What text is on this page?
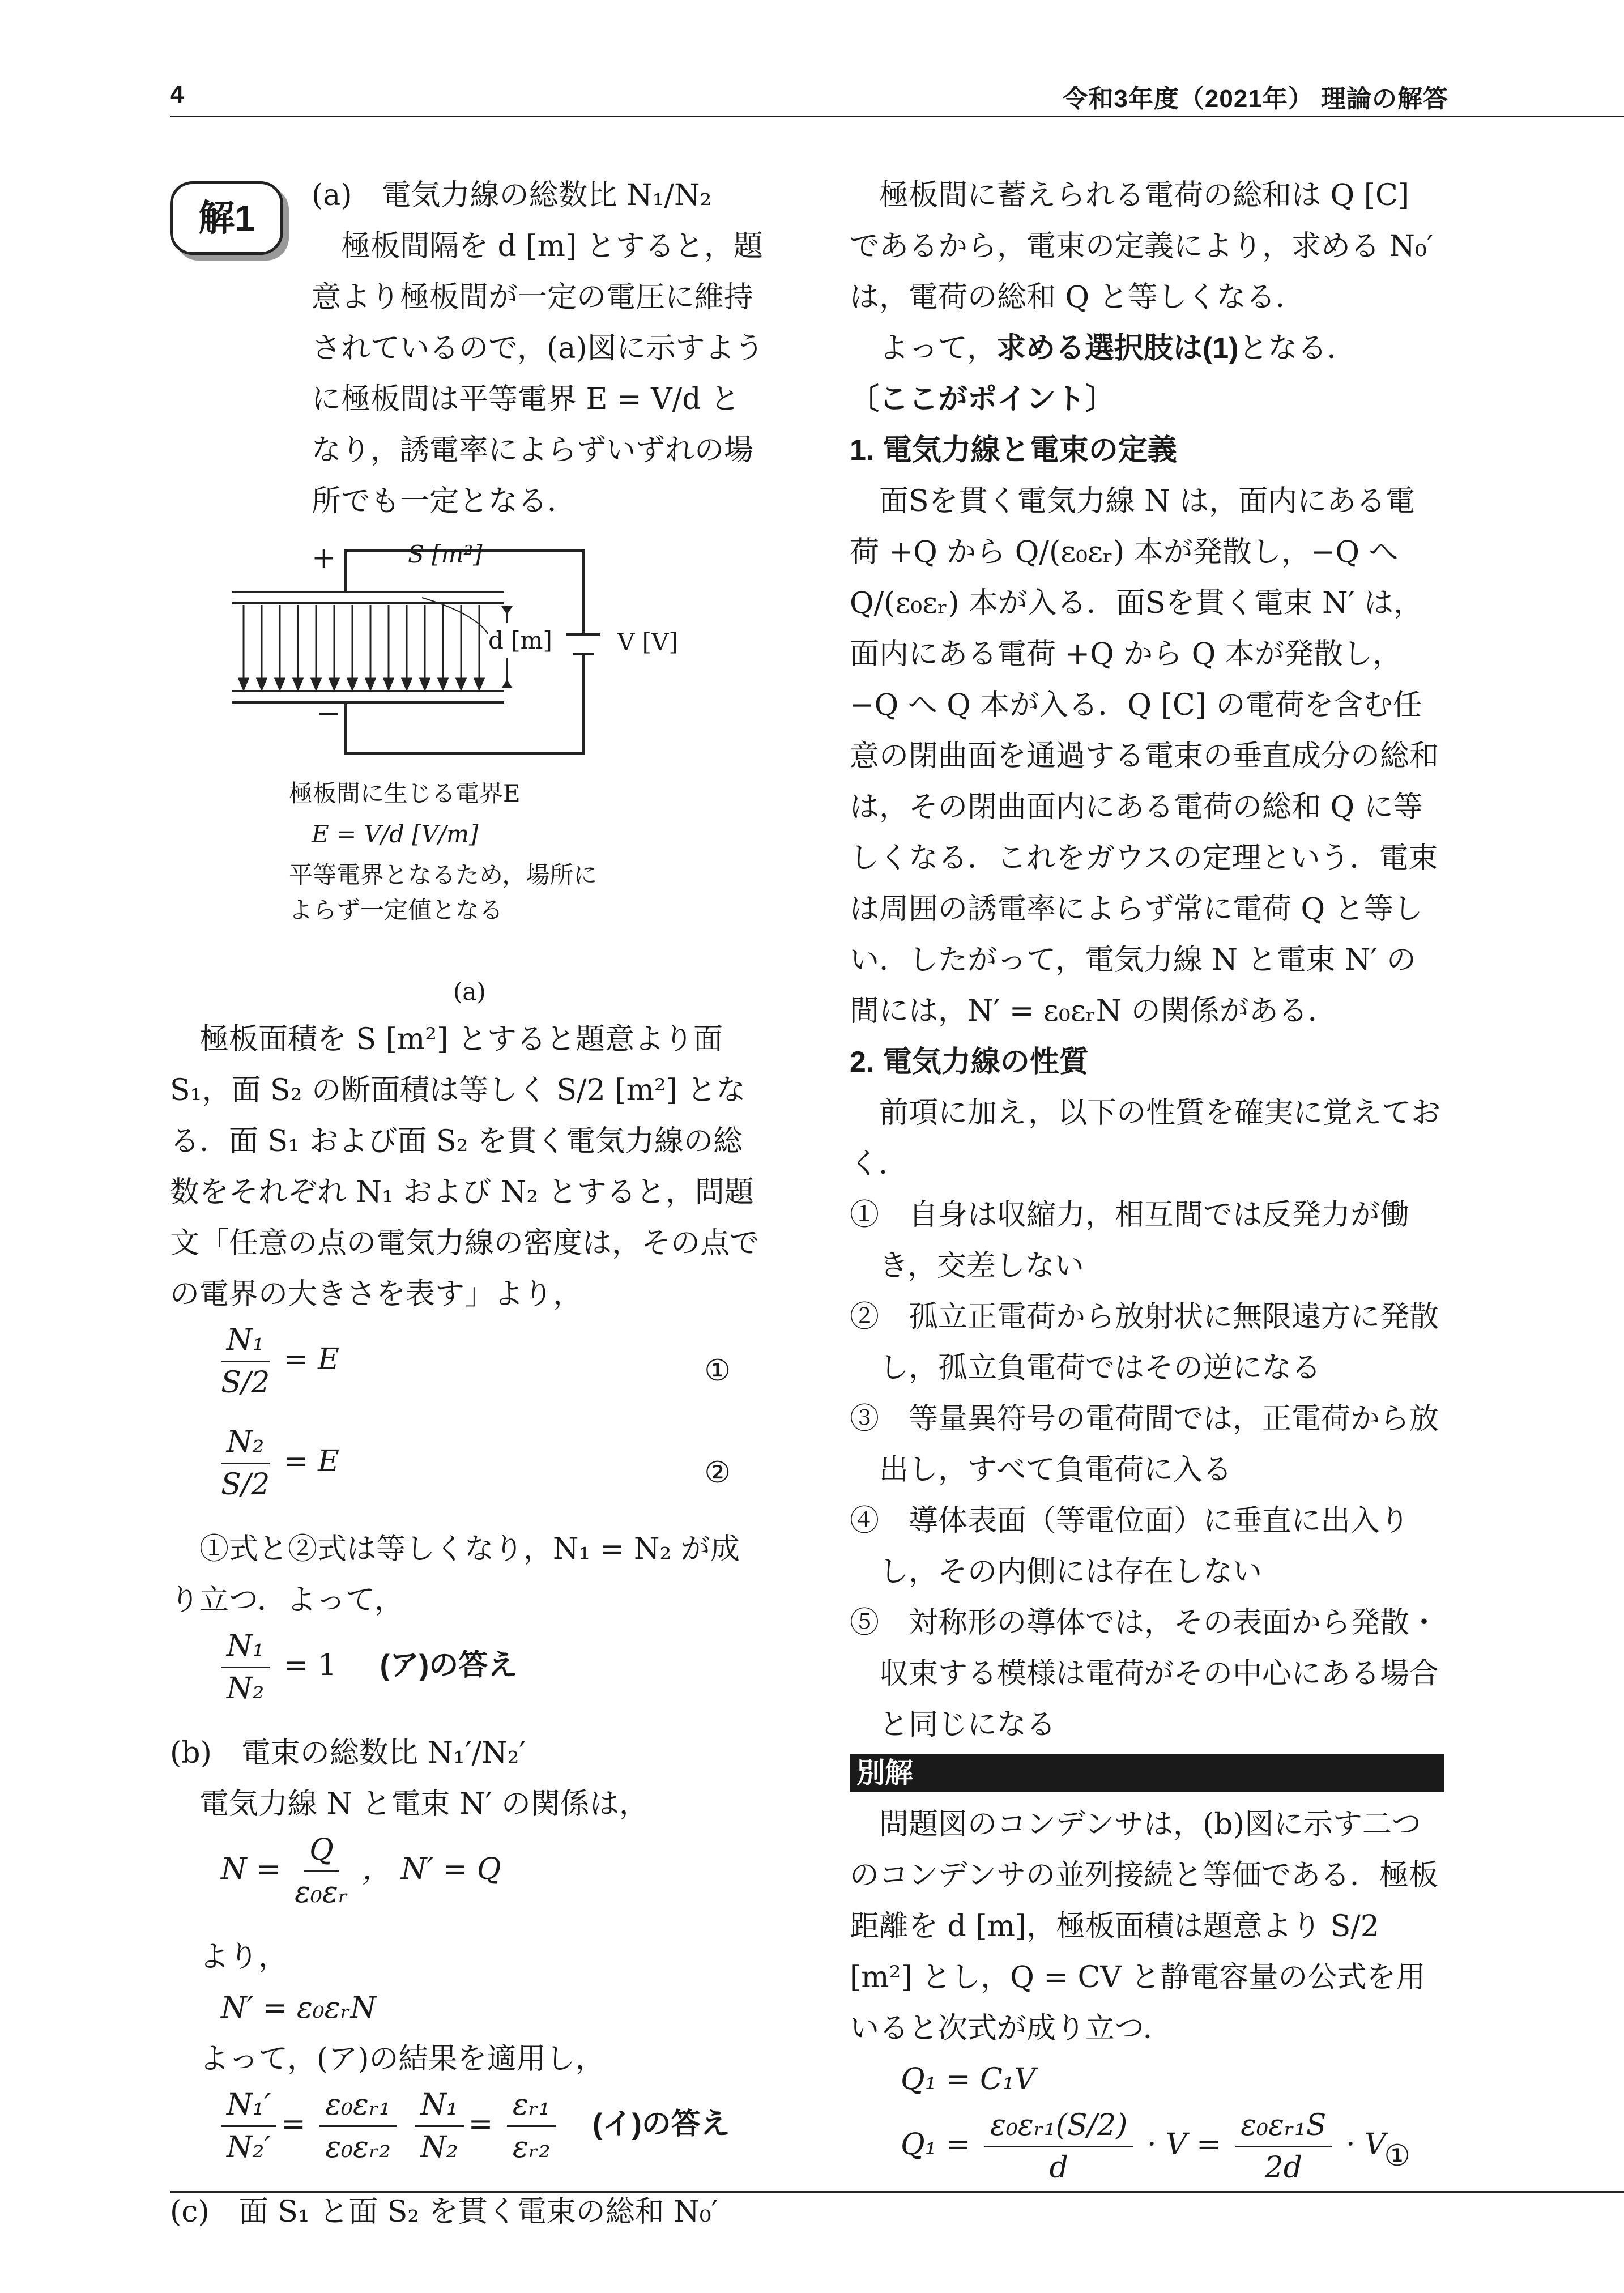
4	令和3年度（2021年） 理論の解答
解1

(a)　電気力線の総数比 N₁/N₂

極板間隔を d [m] とすると，題意より極板間が一定の電圧に維持されているので，(a)図に示すように極板間は平等電界 E = V/d となり，誘電率によらずいずれの場所でも一定となる．

+
−
S [m²]
d [m]	V [V]
極板間に生じる電界E
E = V/d [V/m]
平等電界となるため，場所に
よらず一定値となる
(a)

極板面積を S [m²] とすると題意より面 S₁，面 S₂ の断面積は等しく S/2 [m²] となる．面 S₁ および面 S₂ を貫く電気力線の総数をそれぞれ N₁ および N₂ とすると，問題文「任意の点の電気力線の密度は，その点での電界の大きさを表す」より，

$\frac{\text{N₁}}{S/2} = E$	①
$\frac{\text{N₂}}{S/2} = E$	②

①式と②式は等しくなり，N₁ = N₂ が成り立つ．よって，

$\frac{\text{N₁}}{\text{N₂}} = 1$ (ア)の答え

(b)　電束の総数比 N₁′/N₂′

電気力線 N と電束 N′ の関係は，

$N = \frac{Q}{\text{ε₀εᵣ}}$ ， N′ = Q

より，

N′ = ε₀εᵣN

よって，(ア)の結果を適用し，

$\frac{\text{N₁′}}{\text{N₂′}} = \frac{\text{ε₀εᵣ₁}}{\text{ε₀εᵣ₂}}$
$\frac{\text{N₁}}{\text{N₂}} = \frac{\text{εᵣ₁}}{\text{εᵣ₂}}$ (イ)の答え

(c)　面 S₁ と面 S₂ を貫く電束の総和 N₀′

極板間に蓄えられる電荷の総和は Q [C] であるから，電束の定義により，求める N₀′ は，電荷の総和 Q と等しくなる．

よって，求める選択肢は(1)となる．

〔ここがポイント〕

1. 電気力線と電束の定義

面Sを貫く電気力線 N は，面内にある電荷 +Q から Q/(ε₀εᵣ) 本が発散し，−Q へ Q/(ε₀εᵣ) 本が入る．面Sを貫く電束 N′ は，面内にある電荷 +Q から Q 本が発散し，−Q へ Q 本が入る．Q [C] の電荷を含む任意の閉曲面を通過する電束の垂直成分の総和は，その閉曲面内にある電荷の総和 Q に等しくなる．これをガウスの定理という．電束は周囲の誘電率によらず常に電荷 Q と等しい．したがって，電気力線 N と電束 N′ の間には，N′ = ε₀εᵣN の関係がある．

2. 電気力線の性質

前項に加え，以下の性質を確実に覚えておく．

①　自身は収縮力，相互間では反発力が働き，交差しない

②　孤立正電荷から放射状に無限遠方に発散し，孤立負電荷ではその逆になる

③　等量異符号の電荷間では，正電荷から放出し，すべて負電荷に入る

④　導体表面（等電位面）に垂直に出入りし，その内側には存在しない

⑤　対称形の導体では，その表面から発散・収束する模様は電荷がその中心にある場合と同じになる

別解

問題図のコンデンサは，(b)図に示す二つのコンデンサの並列接続と等価である．極板距離を d [m]，極板面積は題意より S/2 [m²] とし，Q = CV と静電容量の公式を用いると次式が成り立つ．

Q₁ = C₁V

$Q_1 = \frac{\text{ε₀εᵣ₁(S/2)}}{d} \cdot V = \frac{\text{ε₀εᵣ₁S}}{2d} \cdot V$
①
